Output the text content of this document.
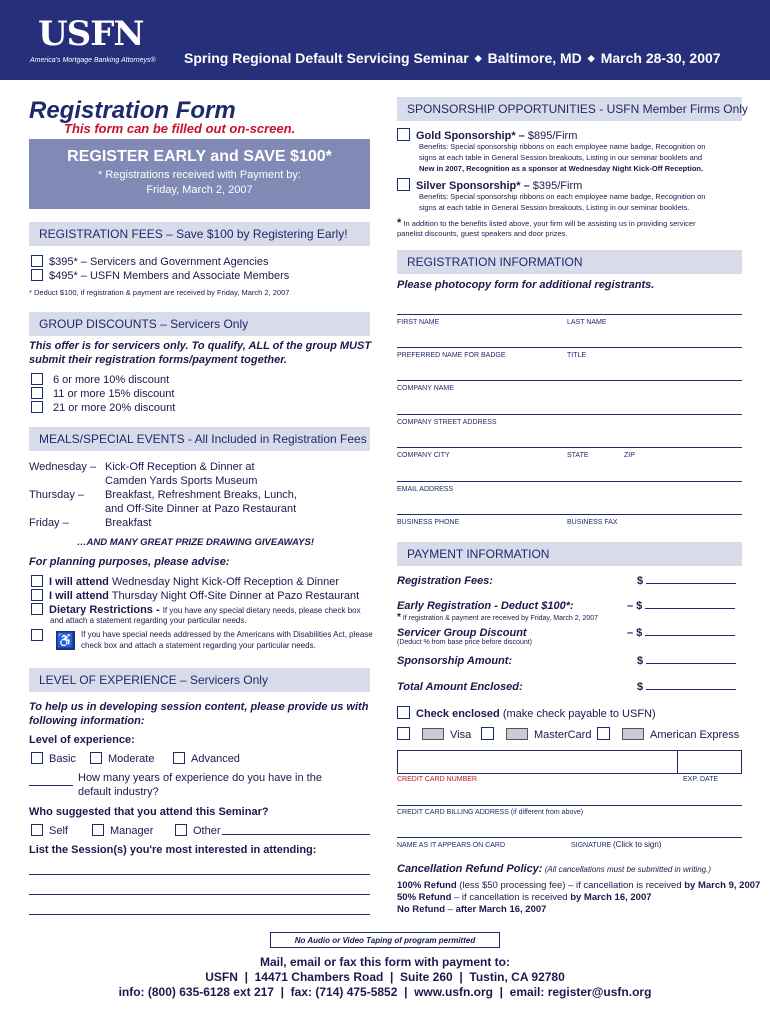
USFN
America's Mortgage Banking Attorneys® Spring Regional Default Servicing Seminar ◆ Baltimore, MD ◆ March 28-30, 2007
Registration Form
This form can be filled out on-screen.
REGISTER EARLY and SAVE $100*
* Registrations received with Payment by:
Friday, March 2, 2007
REGISTRATION FEES – Save $100 by Registering Early!
$395* – Servicers and Government Agencies
$495* – USFN Members and Associate Members
* Deduct $100, if registration & payment are received by Friday, March 2, 2007
GROUP DISCOUNTS – Servicers Only
This offer is for servicers only. To qualify, ALL of the group MUST
submit their registration forms/payment together.
6 or more 10% discount
11 or more 15% discount
21 or more 20% discount
MEALS/SPECIAL EVENTS - All Included in Registration Fees
Wednesday – Kick-Off Reception & Dinner at
Camden Yards Sports Museum
Thursday – Breakfast, Refreshment Breaks, Lunch,
and Off-Site Dinner at Pazo Restaurant
Friday –	Breakfast
…AND MANY GREAT PRIZE DRAWING GIVEAWAYS!
For planning purposes, please advise:
I will attend Wednesday Night Kick-Off Reception & Dinner
I will attend Thursday Night Off-Site Dinner at Pazo Restaurant
Dietary Restrictions - If you have any special dietary needs, please check box
and attach a statement regarding your particular needs.
♿ If you have special needs addressed by the Americans with Disabilities Act, please
check box and attach a statement regarding your particular needs.
LEVEL OF EXPERIENCE – Servicers Only
To help us in developing session content, please provide us with
following information:
Level of experience:
Basic	Moderate	Advanced
How many years of experience do you have in the
default industry?
Who suggested that you attend this Seminar?
Self	Manager	Other
List the Session(s) you're most interested in attending:
SPONSORSHIP OPPORTUNITIES - USFN Member Firms Only
Gold Sponsorship* – $895/Firm
Benefits: Special sponsorship ribbons on each employee name badge, Recognition on
signs at each table in General Session breakouts, Listing in our seminar booklets and
New in 2007, Recognition as a sponsor at Wednesday Night Kick-Off Reception.
Silver Sponsorship* – $395/Firm
Benefits: Special sponsorship ribbons on each employee name badge, Recognition on
signs at each table in General Session breakouts, Listing in our seminar booklets.
* In addition to the benefits listed above, your firm will be assisting us in providing servicer
panelist discounts, guest speakers and door prizes.
REGISTRATION INFORMATION
Please photocopy form for additional registrants.
FIRST NAME	LAST NAME
PREFERRED NAME FOR BADGE	TITLE
COMPANY NAME
COMPANY STREET ADDRESS
COMPANY CITY	STATE	ZIP
EMAIL ADDRESS
BUSINESS PHONE	BUSINESS FAX
PAYMENT INFORMATION
Registration Fees:	$
Early Registration - Deduct $100*:
* If registration & payment are received by Friday, March 2, 2007
– $
Servicer Group Discount
(Deduct % from base price before discount)
– $
Sponsorship Amount:	$
Total Amount Enclosed:	$
Check enclosed (make check payable to USFN)
Visa	MasterCard	American Express
CREDIT CARD NUMBER	EXP. DATE
CREDIT CARD BILLING ADDRESS (if different from above)
NAME AS IT APPEARS ON CARD	SIGNATURE (Click to sign)
Cancellation Refund Policy: (All cancellations must be submitted in writing.)
100% Refund (less $50 processing fee) – if cancellation is received by March 9, 2007
50% Refund – if cancellation is received by March 16, 2007
No Refund – after March 16, 2007
No Audio or Video Taping of program permitted
Mail, email or fax this form with payment to:
USFN  |  14471 Chambers Road  |  Suite 260  |  Tustin, CA 92780
info: (800) 635-6128 ext 217  |  fax: (714) 475-5852  |  www.usfn.org  |  email: register@usfn.org
